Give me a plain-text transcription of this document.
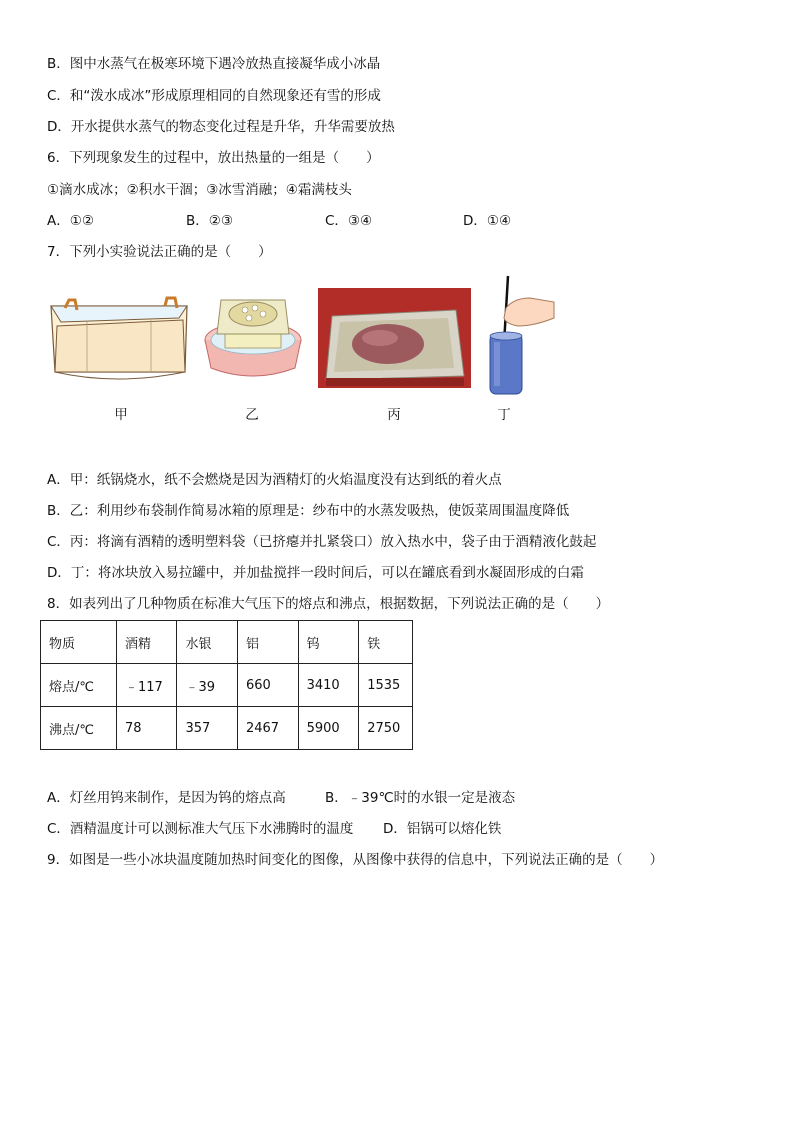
B．图中水蒸气在极寒环境下遇冷放热直接凝华成小冰晶
C．和“泼水成冰”形成原理相同的自然现象还有雪的形成
D．开水提供水蒸气的物态变化过程是升华，升华需要放热
6．下列现象发生的过程中，放出热量的一组是（　　）
①滴水成冰；②积水干涸；③冰雪消融；④霜满枝头
A．①②	B．②③	C．③④	D．①④
7．下列小实验说法正确的是（　　）
甲	乙	丙	丁
A．甲：纸锅烧水，纸不会燃烧是因为酒精灯的火焰温度没有达到纸的着火点
B．乙：利用纱布袋制作简易冰箱的原理是：纱布中的水蒸发吸热，使饭菜周围温度降低
C．丙：将滴有酒精的透明塑料袋（已挤瘪并扎紧袋口）放入热水中，袋子由于酒精液化鼓起
D．丁：将冰块放入易拉罐中，并加盐搅拌一段时间后，可以在罐底看到水凝固形成的白霜
8．如表列出了几种物质在标准大气压下的熔点和沸点，根据数据，下列说法正确的是（　　）
物质	酒精	水银	铝	钨	铁
熔点/℃	﹣117	﹣39	660	3410	1535
沸点/℃	78	357	2467	5900	2750
A．灯丝用钨来制作，是因为钨的熔点高	B．﹣39℃时的水银一定是液态
C．酒精温度计可以测标准大气压下水沸腾时的温度 D．铝锅可以熔化铁
9．如图是一些小冰块温度随加热时间变化的图像，从图像中获得的信息中，下列说法正确的是（　　）
